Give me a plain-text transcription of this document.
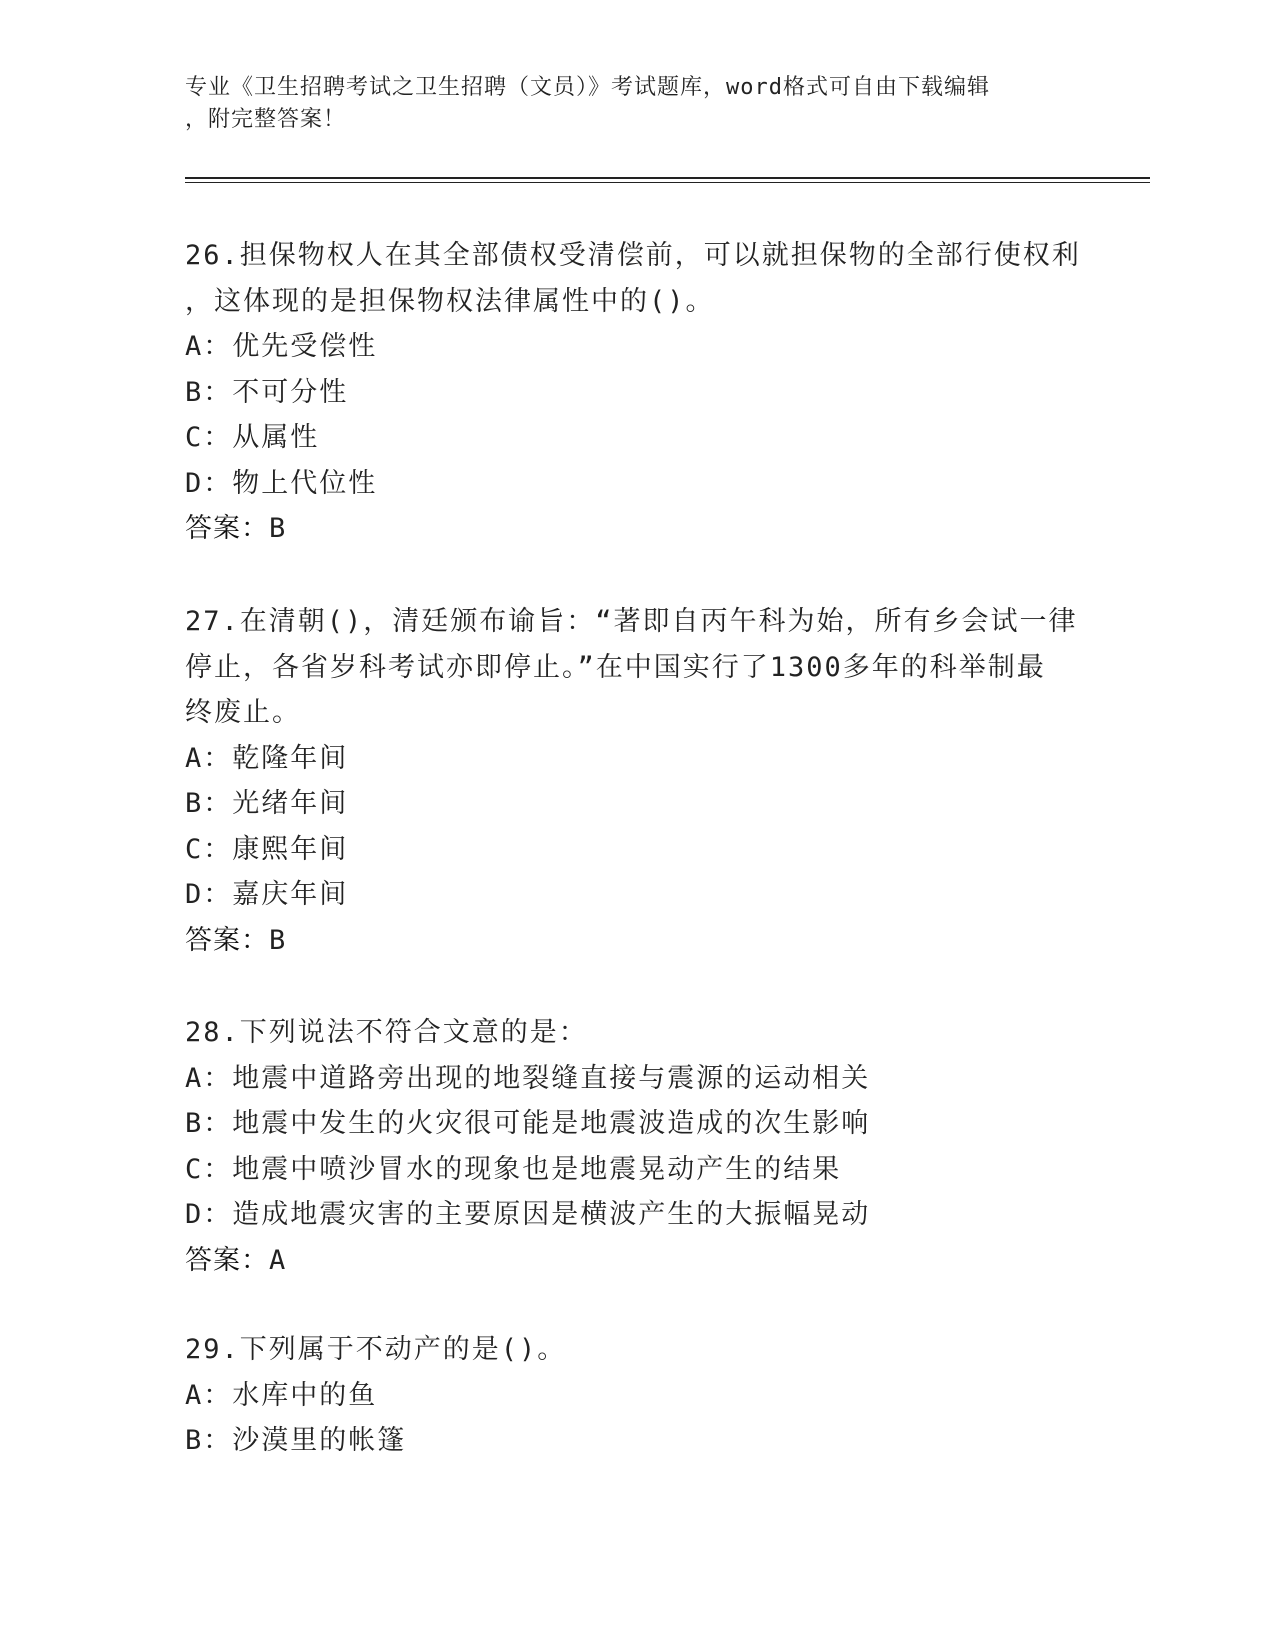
专业《卫生招聘考试之卫生招聘（文员）》考试题库，word格式可自由下载编辑
，附完整答案！
26.担保物权人在其全部债权受清偿前，可以就担保物的全部行使权利
，这体现的是担保物权法律属性中的()。
A：优先受偿性
B：不可分性
C：从属性
D：物上代位性
答案：B
27.在清朝()，清廷颁布谕旨：“著即自丙午科为始，所有乡会试一律
停止，各省岁科考试亦即停止。”在中国实行了1300多年的科举制最
终废止。
A：乾隆年间
B：光绪年间
C：康熙年间
D：嘉庆年间
答案：B
28.下列说法不符合文意的是：
A：地震中道路旁出现的地裂缝直接与震源的运动相关
B：地震中发生的火灾很可能是地震波造成的次生影响
C：地震中喷沙冒水的现象也是地震晃动产生的结果
D：造成地震灾害的主要原因是横波产生的大振幅晃动
答案：A
29.下列属于不动产的是()。
A：水库中的鱼
B：沙漠里的帐篷
